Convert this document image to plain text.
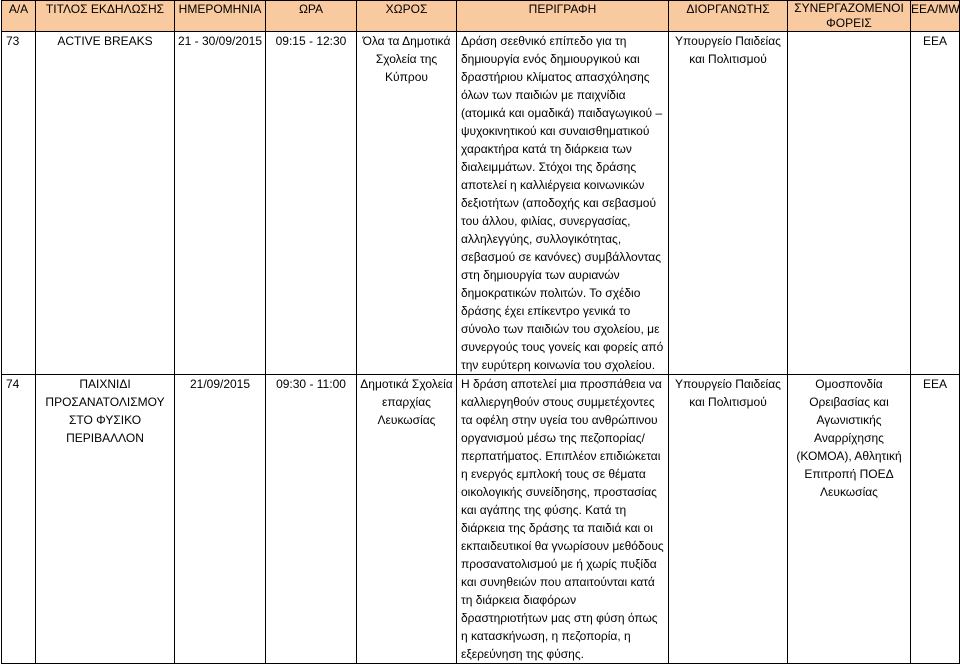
Α/Α	ΤΙΤΛΟΣ ΕΚΔΗΛΩΣΗΣ	ΗΜΕΡΟΜΗΝΙΑ	ΩΡΑ	ΧΩΡΟΣ	ΠΕΡΙΓΡΑΦΗ	ΔΙΟΡΓΑΝΩΤΗΣ	ΣΥΝΕΡΓΑΖΟΜΕΝΟΙ ΦΟΡΕΙΣ	ΕΕΑ/MW
73	ACTIVE BREAKS	21 - 30/09/2015	09:15 - 12:30	Όλα τα Δημοτικά Σχολεία της Κύπρου	Δράση σεεθνικό επίπεδο για τη δημιουργία ενός δημιουργικού και δραστήριου κλίματος απασχόλησης όλων των παιδιών με παιχνίδια (ατομικά και ομαδικά) παιδαγωγικού – ψυχοκινητικού και συναισθηματικού χαρακτήρα κατά τη διάρκεια των διαλειμμάτων. Στόχοι της δράσης αποτελεί η καλλιέργεια κοινωνικών δεξιοτήτων (αποδοχής και σεβασμού του άλλου, φιλίας, συνεργασίας, αλληλεγγύης, συλλογικότητας, σεβασμού σε κανόνες) συμβάλλοντας στη δημιουργία των αυριανών δημοκρατικών πολιτών. Το σχέδιο δράσης έχει επίκεντρο γενικά το σύνολο των παιδιών του σχολείου, με συνεργούς τους γονείς και φορείς από την ευρύτερη κοινωνία του σχολείου.	Υπουργείο Παιδείας και Πολιτισμού		ΕΕΑ
74	ΠΑΙΧΝΙΔΙ ΠΡΟΣΑΝΑΤΟΛΙΣΜΟΥ ΣΤΟ ΦΥΣΙΚΟ ΠΕΡΙΒΑΛΛΟΝ	21/09/2015	09:30 - 11:00	Δημοτικά Σχολεία επαρχίας Λευκωσίας	Η δράση αποτελεί μια προσπάθεια να καλλιεργηθούν στους συμμετέχοντες τα οφέλη στην υγεία του ανθρώπινου οργανισμού μέσω της πεζοπορίας/περπατήματος. Επιπλέον επιδιώκεται η ενεργός εμπλοκή τους σε θέματα οικολογικής συνείδησης, προστασίας και αγάπης της φύσης. Κατά τη διάρκεια της δράσης τα παιδιά και οι εκπαιδευτικοί θα γνωρίσουν μεθόδους προσανατολισμού με ή χωρίς πυξίδα και συνηθειών που απαιτούνται κατά τη διάρκεια διαφόρων δραστηριοτήτων μας στη φύση όπως η κατασκήνωση, η πεζοπορία, η εξερεύνηση της φύσης.	Υπουργείο Παιδείας και Πολιτισμού	Ομοσπονδία Ορειβασίας και Αγωνιστικής Αναρρίχησης (ΚΟΜΟΑ), Αθλητική Επιτροπή ΠΟΕΔ Λευκωσίας	ΕΕΑ
